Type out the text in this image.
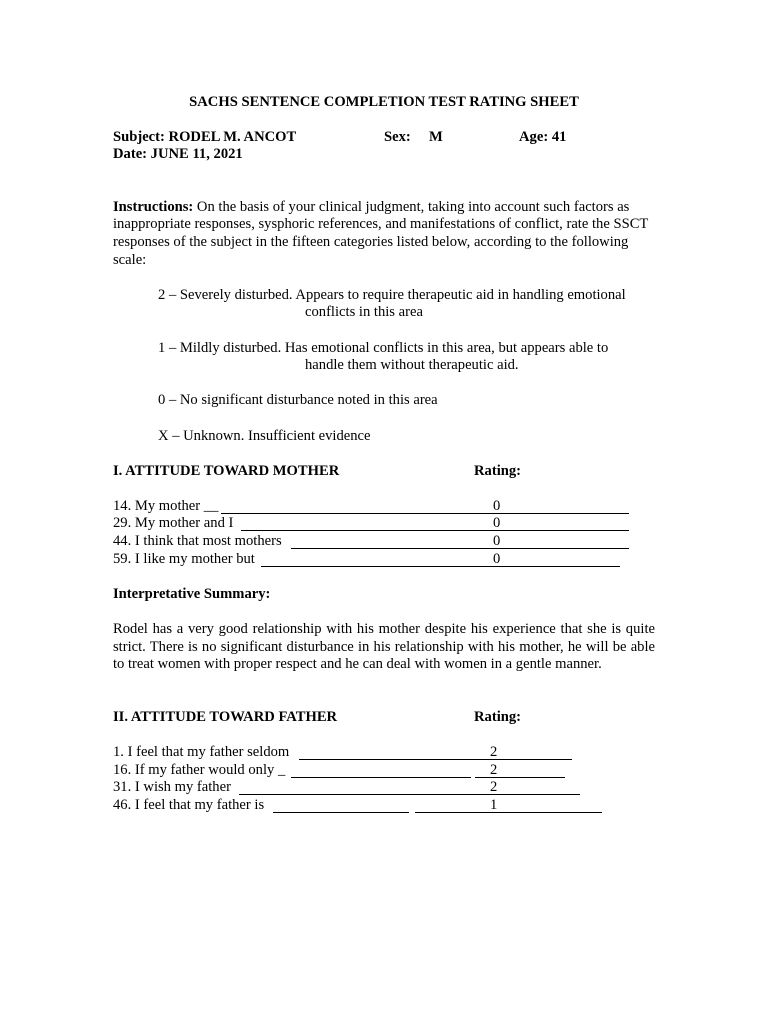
SACHS SENTENCE COMPLETION TEST RATING SHEET
Subject: RODEL M. ANCOT	Sex: M	Age: 41
Date: JUNE 11, 2021

Instructions: On the basis of your clinical judgment, taking into account such factors as inappropriate responses, sysphoric references, and manifestations of conflict, rate the SSCT responses of the subject in the fifteen categories listed below, according to the following scale:

2 – Severely disturbed. Appears to require therapeutic aid in handling emotional
conflicts in this area
1 – Mildly disturbed. Has emotional conflicts in this area, but appears able to
handle them without therapeutic aid.
0 – No significant disturbance noted in this area
X – Unknown. Insufficient evidence
I. ATTITUDE TOWARD MOTHER	Rating:
14. My mother __	0
29. My mother and I	0
44. I think that most mothers	0
59. I like my mother but	0
Interpretative Summary:

Rodel has a very good relationship with his mother despite his experience that she is quite strict. There is no significant disturbance in his relationship with his mother, he will be able to treat women with proper respect and he can deal with women in a gentle manner.

II. ATTITUDE TOWARD FATHER	Rating:
1. I feel that my father seldom	2
16. If my father would only _	2
31. I wish my father	2
46. I feel that my father is	1
